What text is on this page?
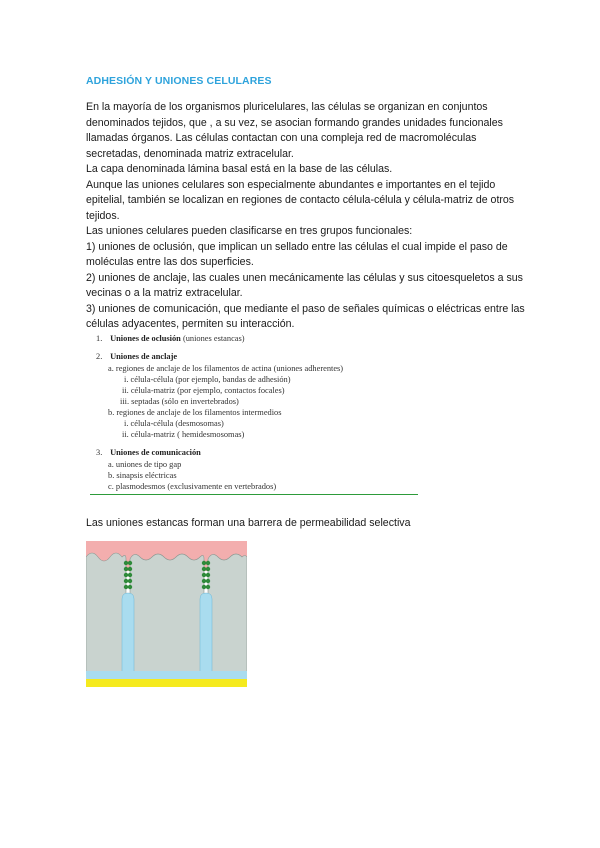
ADHESIÓN Y UNIONES CELULARES

En la mayoría de los organismos pluricelulares, las células se organizan en conjuntos denominados tejidos, que , a su vez, se asocian formando grandes unidades funcionales llamadas órganos. Las células contactan con una compleja red de macromoléculas secretadas, denominada matriz extracelular.

La capa denominada lámina basal está en la base de las células.

Aunque las uniones celulares son especialmente abundantes e importantes en el tejido epitelial, también se localizan en regiones de contacto célula-célula y célula-matriz de otros tejidos.

Las uniones celulares pueden clasificarse en tres grupos funcionales:

1) uniones de oclusión, que implican un sellado entre las células el cual impide el paso de moléculas entre las dos superficies.

2) uniones de anclaje, las cuales unen mecánicamente las células y sus citoesqueletos a sus vecinas o a la matriz extracelular.

3) uniones de comunicación, que mediante el paso de señales químicas o eléctricas entre las células adyacentes, permiten su interacción.

1. Uniones de oclusión (uniones estancas)
2. Uniones de anclaje
a. regiones de anclaje de los filamentos de actina (uniones adherentes)
i. célula-célula (por ejemplo, bandas de adhesión)
ii. célula-matriz (por ejemplo, contactos focales)
iii. septadas (sólo en invertebrados)
b. regiones de anclaje de los filamentos intermedios
i. célula-célula (desmosomas)
ii. célula-matriz ( hemidesmosomas)
3. Uniones de comunicación
a. uniones de tipo gap
b. sinapsis eléctricas
c. plasmodesmos (exclusivamente en vertebrados)
Las uniones estancas forman una barrera de permeabilidad selectiva
